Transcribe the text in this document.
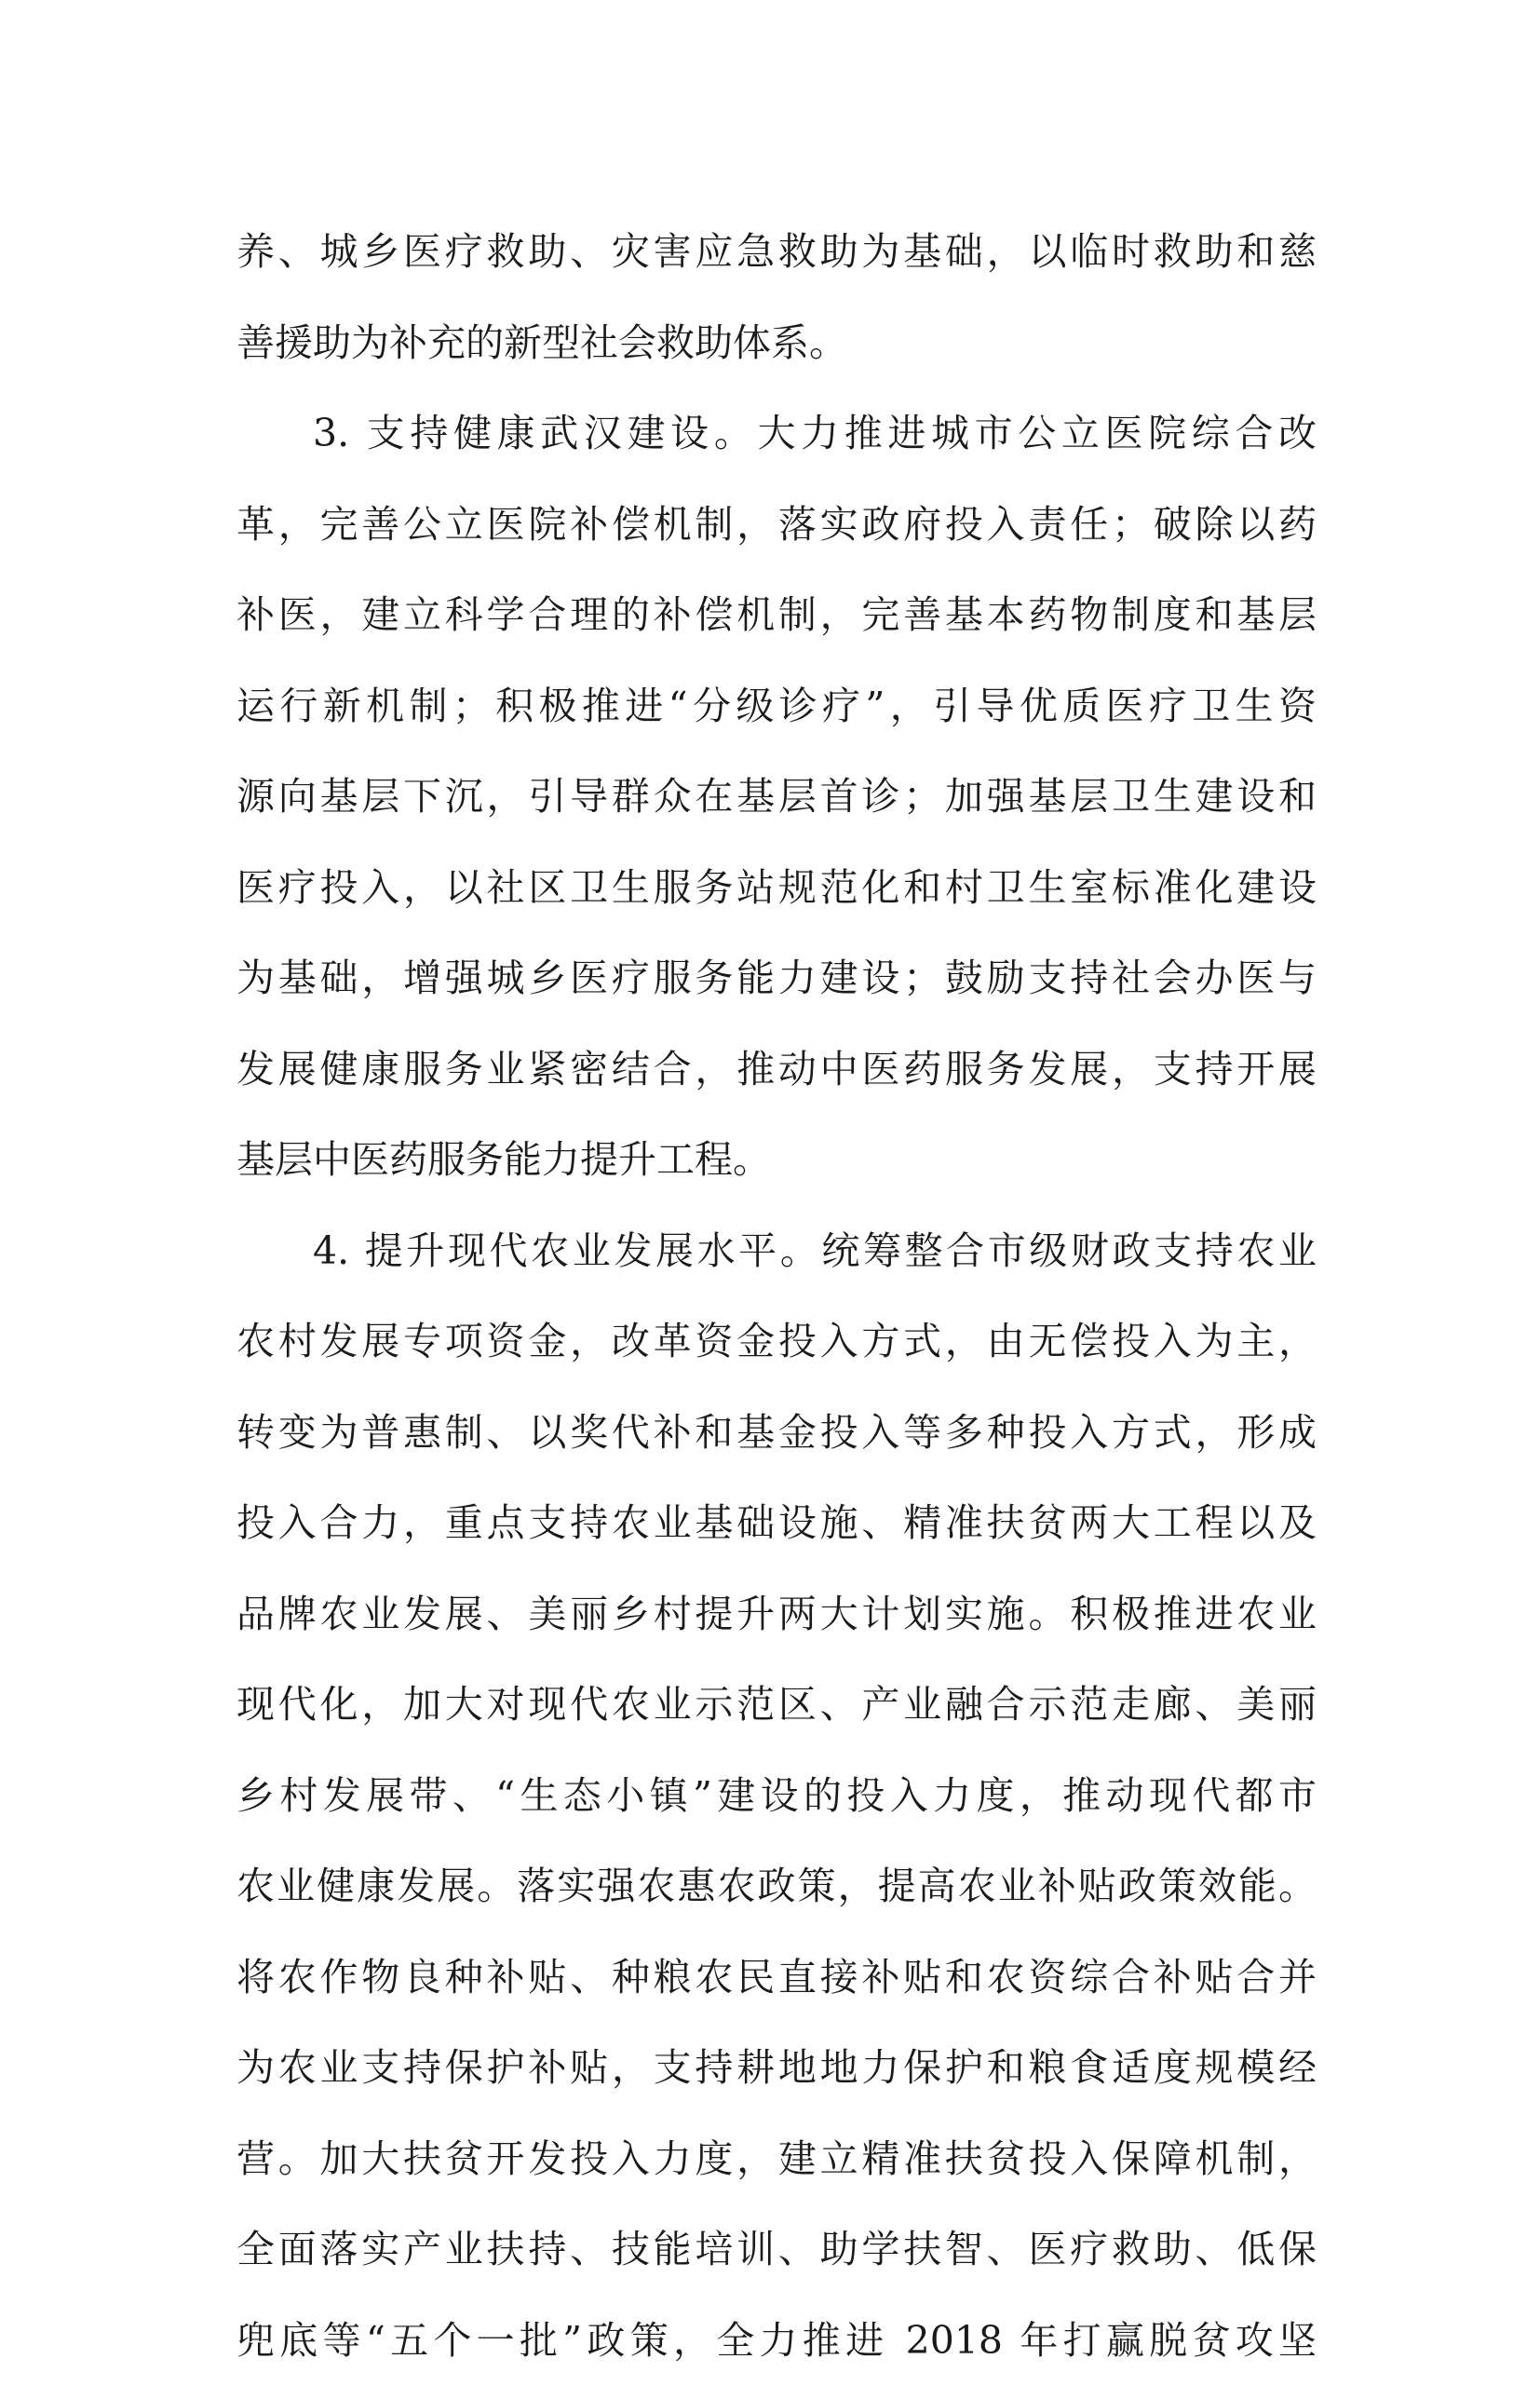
养、城乡医疗救助、灾害应急救助为基础，以临时救助和慈
善援助为补充的新型社会救助体系。
3. 支持健康武汉建设。大力推进城市公立医院综合改
革，完善公立医院补偿机制，落实政府投入责任；破除以药
补医，建立科学合理的补偿机制，完善基本药物制度和基层
运行新机制；积极推进“分级诊疗”，引导优质医疗卫生资
源向基层下沉，引导群众在基层首诊；加强基层卫生建设和
医疗投入，以社区卫生服务站规范化和村卫生室标准化建设
为基础，增强城乡医疗服务能力建设；鼓励支持社会办医与
发展健康服务业紧密结合，推动中医药服务发展，支持开展
基层中医药服务能力提升工程。
4. 提升现代农业发展水平。统筹整合市级财政支持农业
农村发展专项资金，改革资金投入方式，由无偿投入为主，
转变为普惠制、以奖代补和基金投入等多种投入方式，形成
投入合力，重点支持农业基础设施、精准扶贫两大工程以及
品牌农业发展、美丽乡村提升两大计划实施。积极推进农业
现代化，加大对现代农业示范区、产业融合示范走廊、美丽
乡村发展带、“生态小镇”建设的投入力度，推动现代都市
农业健康发展。落实强农惠农政策，提高农业补贴政策效能。
将农作物良种补贴、种粮农民直接补贴和农资综合补贴合并
为农业支持保护补贴，支持耕地地力保护和粮食适度规模经
营。加大扶贫开发投入力度，建立精准扶贫投入保障机制，
全面落实产业扶持、技能培训、助学扶智、医疗救助、低保
兜底等“五个一批”政策，全力推进 2018 年打赢脱贫攻坚
